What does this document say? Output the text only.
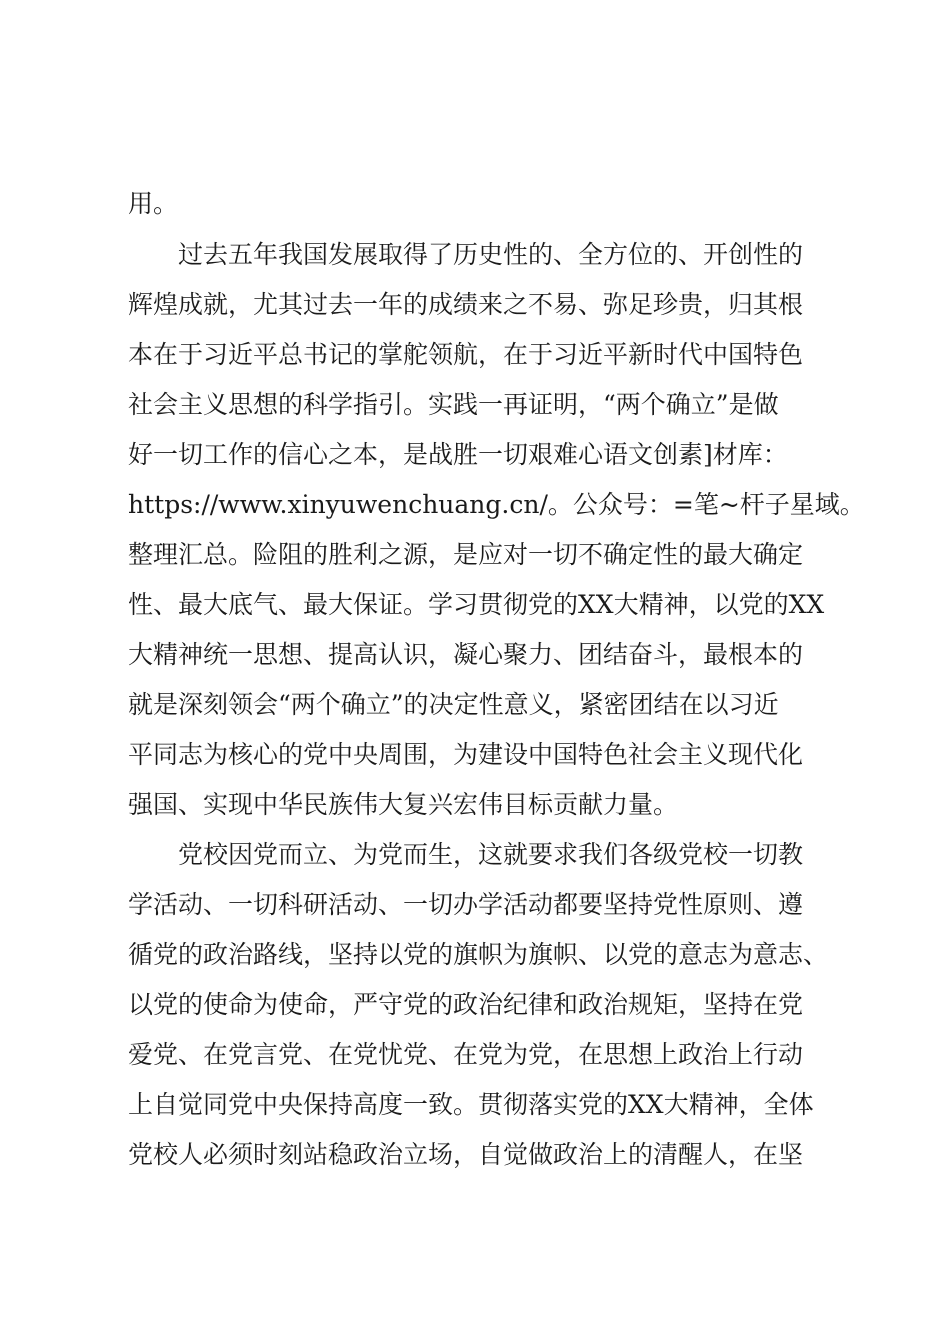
用。
过去五年我国发展取得了历史性的、全方位的、开创性的
辉煌成就，尤其过去一年的成绩来之不易、弥足珍贵，归其根
本在于习近平总书记的掌舵领航，在于习近平新时代中国特色
社会主义思想的科学指引。实践一再证明，“两个确立”是做
好一切工作的信心之本，是战胜一切艰难心语文创素]材库：
https://www.xinyuwenchuang.cn/。公众号：=笔~杆子星域。
整理汇总。险阻的胜利之源，是应对一切不确定性的最大确定
性、最大底气、最大保证。学习贯彻党的XX大精神，以党的XX
大精神统一思想、提高认识，凝心聚力、团结奋斗，最根本的
就是深刻领会“两个确立”的决定性意义，紧密团结在以习近
平同志为核心的党中央周围，为建设中国特色社会主义现代化
强国、实现中华民族伟大复兴宏伟目标贡献力量。
党校因党而立、为党而生，这就要求我们各级党校一切教
学活动、一切科研活动、一切办学活动都要坚持党性原则、遵
循党的政治路线，坚持以党的旗帜为旗帜、以党的意志为意志、
以党的使命为使命，严守党的政治纪律和政治规矩，坚持在党
爱党、在党言党、在党忧党、在党为党，在思想上政治上行动
上自觉同党中央保持高度一致。贯彻落实党的XX大精神，全体
党校人必须时刻站稳政治立场，自觉做政治上的清醒人，在坚
